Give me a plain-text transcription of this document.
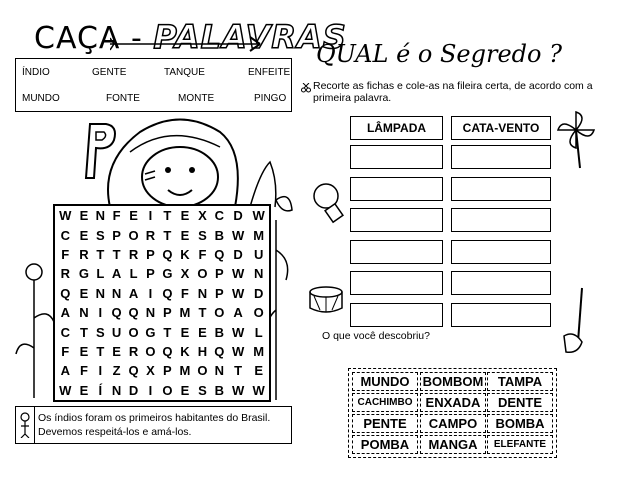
CAÇA - PALAVRAS
ÍNDIO	GENTE	TANQUE	ENFEITE
MUNDO	FONTE	MONTE	PINGO
W	E	N	F	E	I	T	E	X	C	D	W
C	E	S	P	O	R	T	E	S	B	W	M
F	R	T	T	R	P	Q	K	F	Q	D	U
R	G	L	A	L	P	G	X	O	P	W	N
Q	E	N	N	A	I	Q	F	N	P	W	D
A	N	I	Q	Q	N	P	M	T	O	A	O
C	T	S	U	O	G	T	E	E	B	W	L
F	E	T	E	R	O	Q	K	H	Q	W	M
A	F	I	Z	Q	X	P	M	O	N	T	E
W	E	Í	N	D	I	O	E	S	B	W	W
Os índios foram os primeiros habitantes do Brasil.
Devemos respeitá-los e amá-los.
QUAL é o Segredo ?
Recorte as fichas e cole-as na fileira certa, de acordo com a primeira palavra.
LÂMPADA	CATA-VENTO
O que você descobriu?
MUNDO	BOMBOM	TAMPA
CACHIMBO	ENXADA	DENTE
PENTE	CAMPO	BOMBA
POMBA	MANGA	ELEFANTE
